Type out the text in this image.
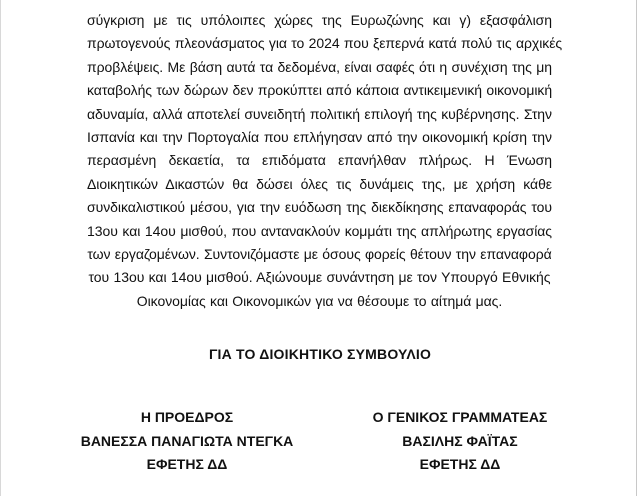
σύγκριση με τις υπόλοιπες χώρες της Ευρωζώνης και γ) εξασφάλιση
πρωτογενούς πλεονάσματος για το 2024 που ξεπερνά κατά πολύ τις αρχικές
προβλέψεις. Με βάση αυτά τα δεδομένα, είναι σαφές ότι η συνέχιση της μη
καταβολής των δώρων δεν προκύπτει από κάποια αντικειμενική οικονομική
αδυναμία, αλλά αποτελεί συνειδητή πολιτική επιλογή της κυβέρνησης. Στην
Ισπανία και την Πορτογαλία που επλήγησαν από την οικονομική κρίση την
περασμένη δεκαετία, τα επιδόματα επανήλθαν πλήρως. Η Ένωση
Διοικητικών Δικαστών θα δώσει όλες τις δυνάμεις της, με χρήση κάθε
συνδικαλιστικού μέσου, για την ευόδωση της διεκδίκησης επαναφοράς του
13ου και 14ου μισθού, που αντανακλούν κομμάτι της απλήρωτης εργασίας
των εργαζομένων. Συντονιζόμαστε με όσους φορείς θέτουν την επαναφορά
του 13ου και 14ου μισθού. Αξιώνουμε συνάντηση με τον Υπουργό Εθνικής
Οικονομίας και Οικονομικών για να θέσουμε το αίτημά μας.
ΓΙΑ ΤΟ ΔΙΟΙΚΗΤΙΚΟ ΣΥΜΒΟΥΛΙΟ
Η ΠΡΟΕΔΡΟΣ
ΒΑΝΕΣΣΑ ΠΑΝΑΓΙΩΤΑ ΝΤΕΓΚΑ
ΕΦΕΤΗΣ ΔΔ
Ο ΓΕΝΙΚΟΣ ΓΡΑΜΜΑΤΕΑΣ
ΒΑΣΙΛΗΣ ΦΑΪΤΑΣ
ΕΦΕΤΗΣ ΔΔ
